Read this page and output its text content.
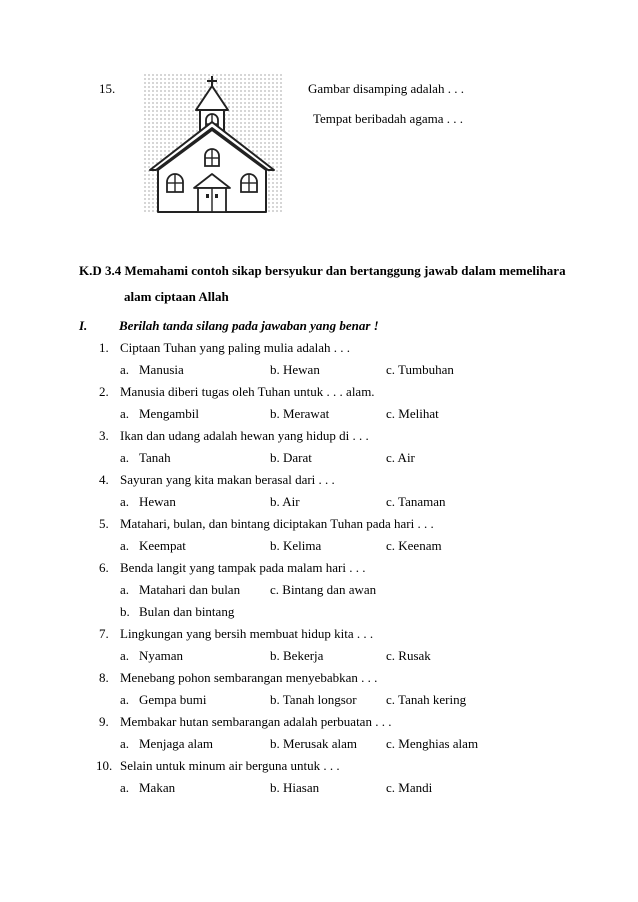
15.	Gambar disamping adalah . . .
Tempat beribadah agama . . .
K.D 3.4 Memahami contoh sikap bersyukur dan bertanggung jawab dalam memelihara
alam ciptaan Allah
I. Berilah tanda silang pada jawaban yang benar !
1. Ciptaan Tuhan yang paling mulia adalah . . .
a. Manusia	b. Hewan	c. Tumbuhan
2. Manusia diberi tugas oleh Tuhan untuk . . . alam.
a. Mengambil	b. Merawat	c. Melihat
3. Ikan dan udang adalah hewan yang hidup di . . .
a. Tanah	b. Darat	c. Air
4. Sayuran yang kita makan berasal dari . . .
a. Hewan	b. Air	c. Tanaman
5. Matahari, bulan, dan bintang diciptakan Tuhan pada hari . . .
a. Keempat	b. Kelima	c. Keenam
6. Benda langit yang tampak pada malam hari . . .
a. Matahari dan bulan c. Bintang dan awan
b. Bulan dan bintang
7. Lingkungan yang bersih membuat hidup kita . . .
a. Nyaman	b. Bekerja	c. Rusak
8. Menebang pohon sembarangan menyebabkan . . .
a. Gempa bumi	b. Tanah longsor c. Tanah kering
9. Membakar hutan sembarangan adalah perbuatan . . .
a. Menjaga alam	b. Merusak alam c. Menghias alam
10. Selain untuk minum air berguna untuk . . .
a. Makan	b. Hiasan	c. Mandi
